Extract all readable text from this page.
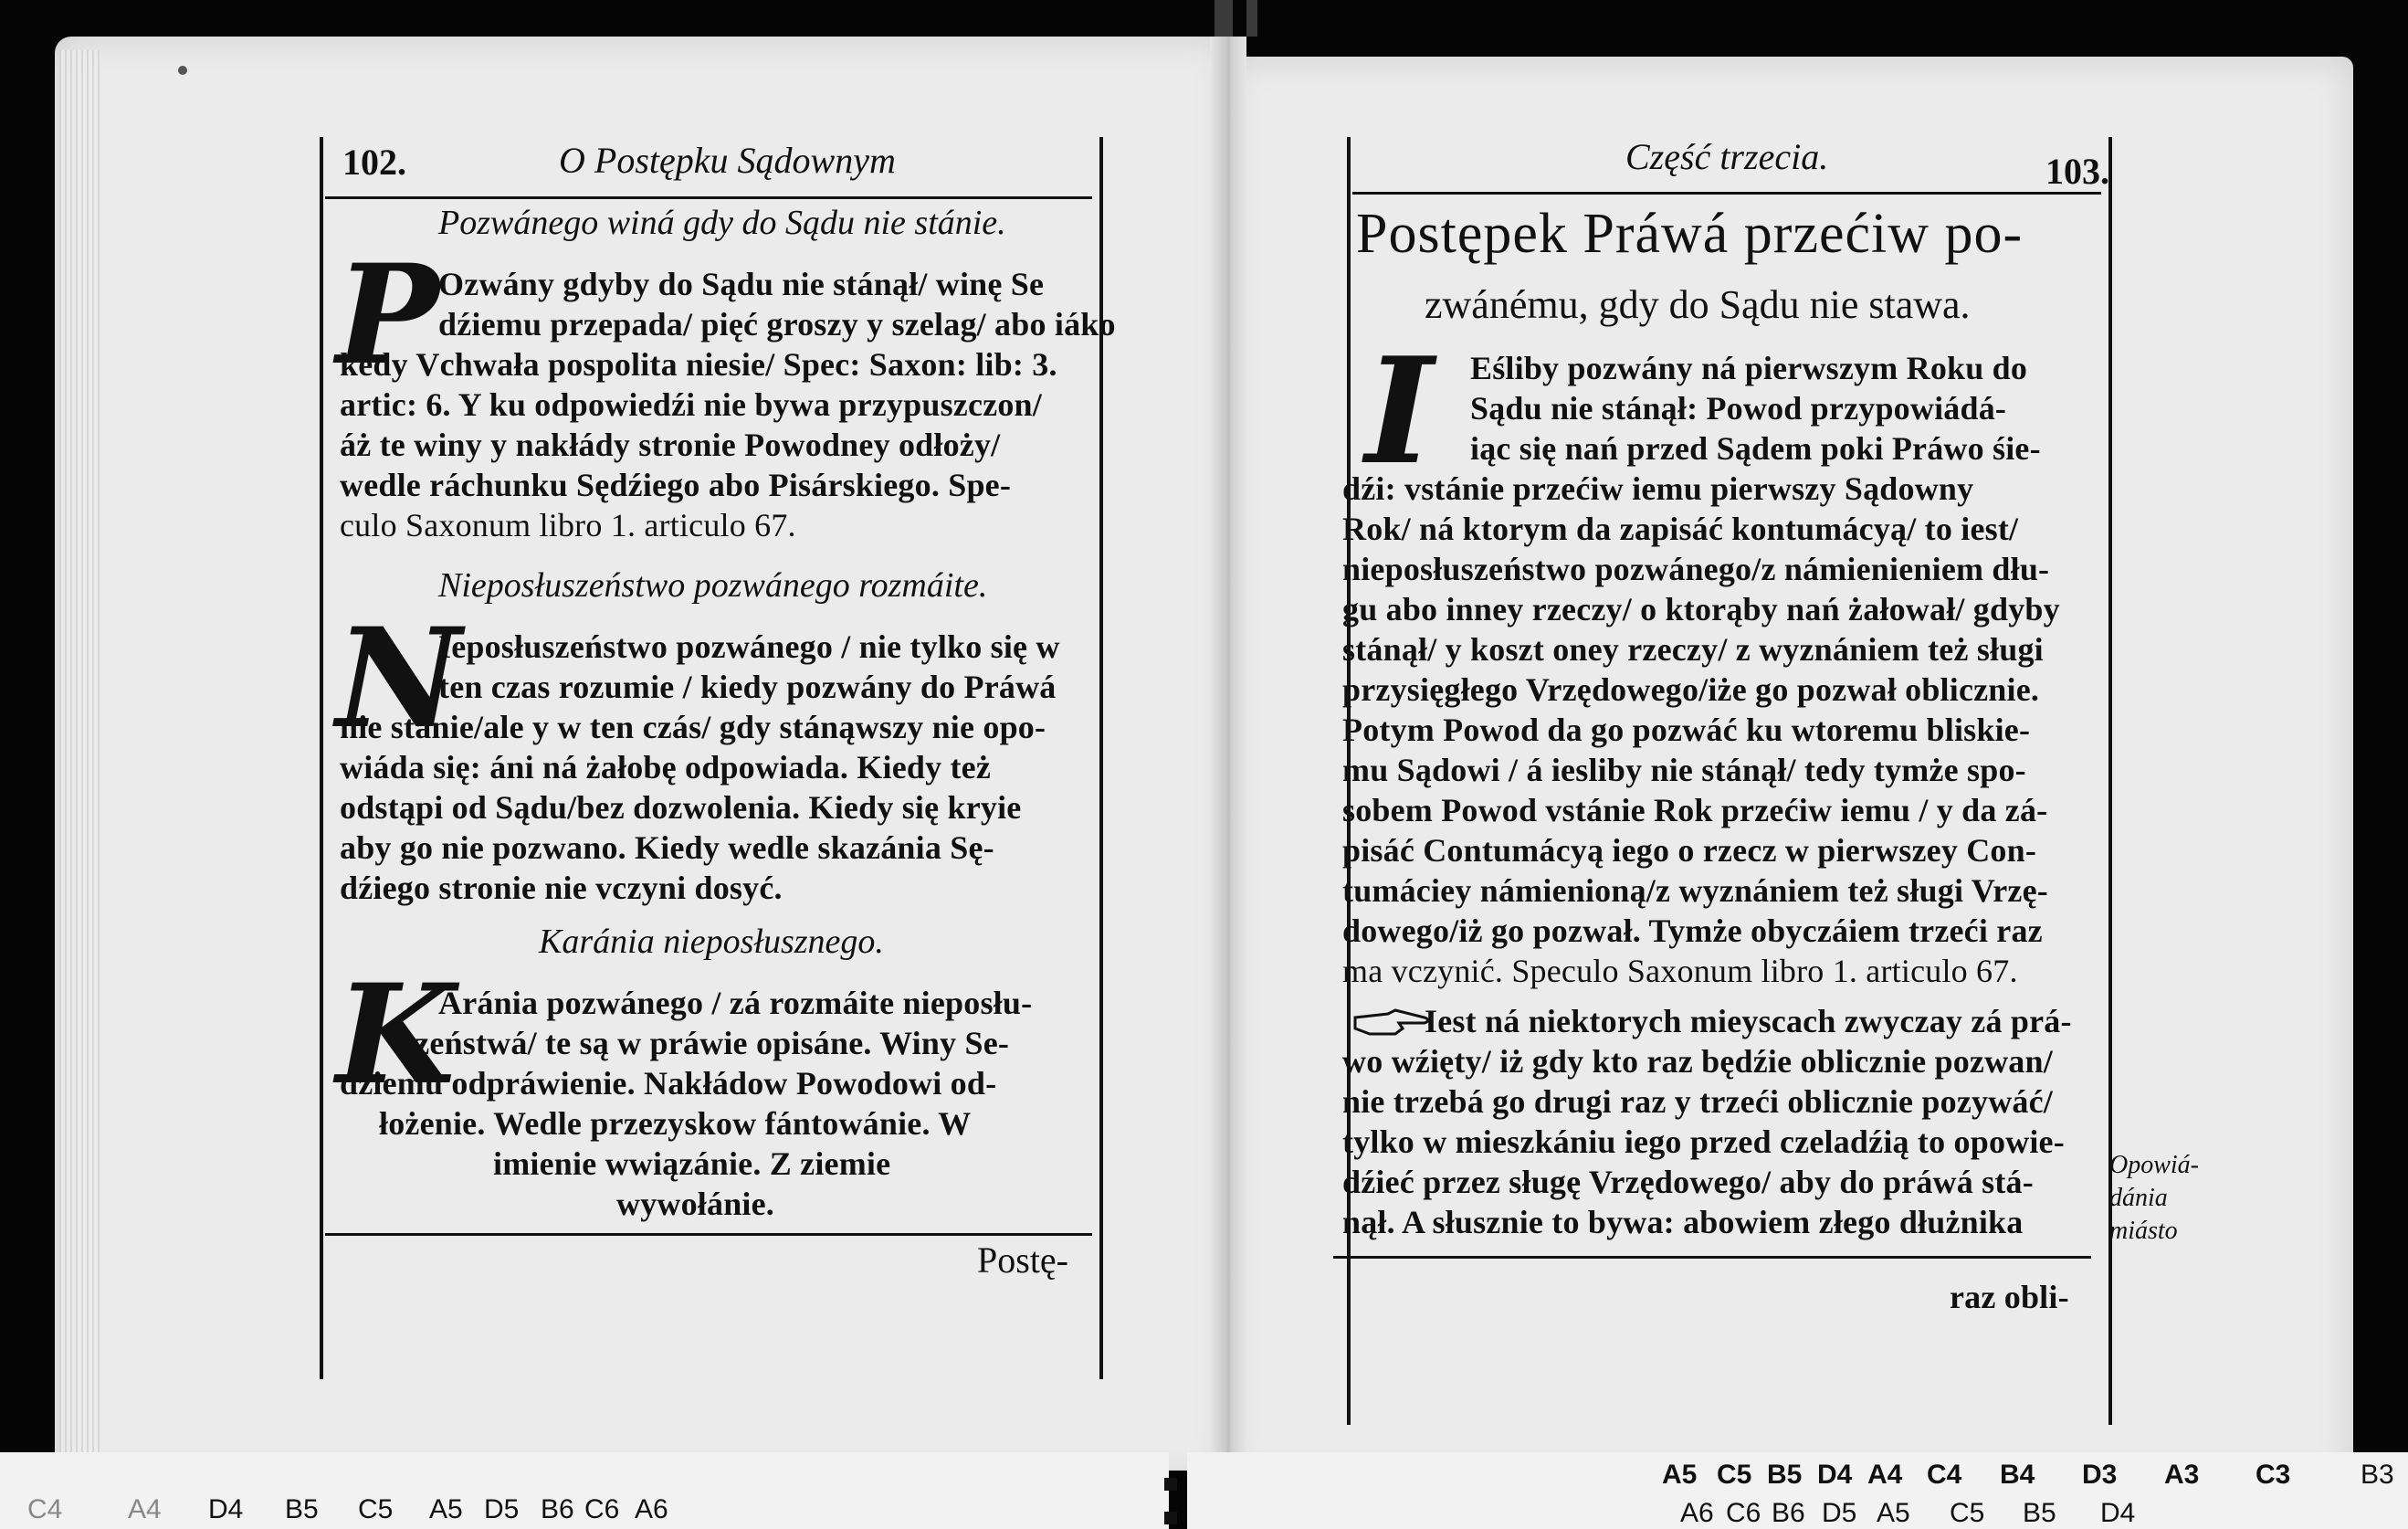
102.	O Postępku Sądownym
Pozwánego winá gdy do Sądu nie stánie.
P Ozwány gdyby do Sądu nie stánął/ winę Se
dźiemu przepada/ pięć groszy y szelag/ abo iáko
kedy Vchwała pospolita niesie/ Spec: Saxon: lib: 3.
artic: 6. Y ku odpowiedźi nie bywa przypuszczon/
áż te winy y nakłády stronie Powodney odłoży/
wedle ráchunku Sędźiego abo Pisárskiego. Spe-
culo Saxonum libro 1. articulo 67.
Nieposłuszeństwo pozwánego rozmáite.
N
Ieposłuszeństwo pozwánego / nie tylko się w
ten czas rozumie / kiedy pozwány do Práwá
nie stánie/ale y w ten czás/ gdy stánąwszy nie opo-
wiáda się: áni ná żałobę odpowiada. Kiedy też
odstąpi od Sądu/bez dozwolenia. Kiedy się kryie
aby go nie pozwano. Kiedy wedle skazánia Sę-
dźiego stronie nie vczyni dosyć.
Karánia nieposłusznego.
K
Aránia pozwánego / zá rozmáite nieposłu-
szeństwá/ te są w práwie opisáne. Winy Se-
dźiemu odpráwienie. Nakłádow Powodowi od-
łożenie. Wedle przezyskow fántowánie. W
imienie wwiązánie. Z ziemie
wywołánie.
Postę-
Część trzecia.	103.
Postępek Práwá przećiw po-
zwánému, gdy do Sądu nie stawa.
I Eśliby pozwány ná pierwszym Roku do
Sądu nie stánął: Powod przypowiádá-
iąc się nań przed Sądem poki Práwo śie-
dźi: vstánie przećiw iemu pierwszy Sądowny
Rok/ ná ktorym da zapisáć kontumácyą/ to iest/
nieposłuszeństwo pozwánego/z námienieniem dłu-
gu abo inney rzeczy/ o ktorąby nań żałował/ gdyby
stánął/ y koszt oney rzeczy/ z wyznániem też sługi
przysięgłego Vrzędowego/iże go pozwał oblicznie.
Potym Powod da go pozwáć ku wtoremu bliskie-
mu Sądowi / á iesliby nie stánął/ tedy tymże spo-
sobem Powod vstánie Rok przećiw iemu / y da zá-
pisáć Contumácyą iego o rzecz w pierwszey Con-
tumáciey námienioną/z wyznániem też sługi Vrzę-
dowego/iż go pozwał. Tymże obyczáiem trzeći raz
ma vczynić. Speculo Saxonum libro 1. articulo 67.
Iest ná niektorych mieyscach zwyczay zá prá-
wo wźięty/ iż gdy kto raz będźie oblicznie pozwan/
nie trzebá go drugi raz y trzeći oblicznie pozywáć/
tylko w mieszkániu iego przed czeladźią to opowie-
dźieć przez sługę Vrzędowego/ aby do práwá stá-
nął. A słusznie to bywa: abowiem złego dłużnika
raz obli-
Opowiá-
dánia
miásto
C4 A4 D4 B5 C5 A5 D5 B6 C6 A6
A5 C5 B5 D4 A4 C4 B4 D3 A3 C3	B3
A6 C6 B6 D5 A5 C5 B5 D4
